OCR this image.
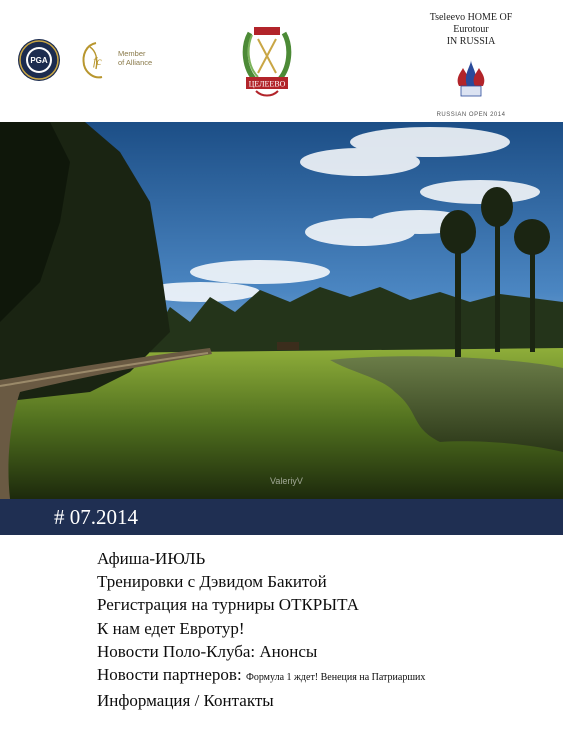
PGA	fc
Member
of Alliance
ЦЕЛЕЕВО
Tseleevo HOME OF Eurotour
IN RUSSIA
RUSSIAN OPEN 2014
ValeriyV
# 07.2014
Афиша-ИЮЛЬ
Тренировки с Дэвидом Бакитой
Регистрация на турниры ОТКРЫТА
К нам едет Евротур!
Новости Поло-Клуба: Анонсы
Новости партнеров: Формула 1 ждет! Венеция на Патриарших
Информация / Контакты
